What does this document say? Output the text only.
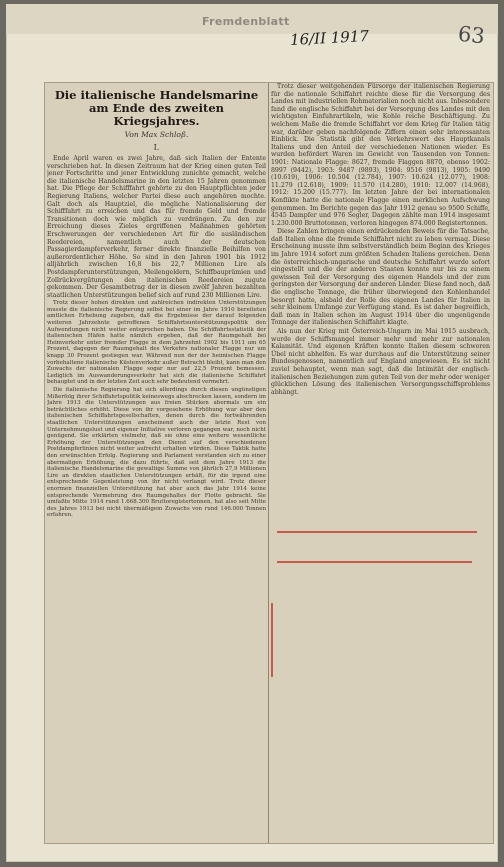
Fremdenblatt
16/II 1917	63
Die italienische Handelsmarine am Ende des zweiten Kriegsjahres.
Von Max Schloß.
I.

Ende April waren es zwei Jahre, daß sich Italien der Entente verschrieben hat. In diesen Zeitraum hat der Krieg einen guten Teil jener Fortschritte und jener Entwicklung zunichte gemacht, welche die italienische Handelsmarine in den letzten 15 Jahren genommen hat. Die Pflege der Schifffahrt gehörte zu den Hauptpflichten jeder Regierung Italiens, welcher Partei diese auch angehören mochte. Galt doch als Hauptziel, die mögliche Nationalisierung der Schifffahrt zu erreichen und das für fremde Geld und fremde Transitionen doch wie möglich zu verdrängen. Zu den zur Erreichung dieses Zieles ergriffenen Maßnahmen gehörten Erschwerungen der verschiedenen Art für die ausländischen Reedereien, namentlich auch der deutschen Passagierdampferverkehr, ferner direkte finanzielle Beihilfen von außerordentlicher Höhe. So sind in den Jahren 1901 bis 1912 alljährlich zwischen 16,8 bis 22,7 Millionen Lire als Postdampferunterstützungen, Meilengeldern, Schiffbauprämien und Zollrückvergütungen den italienischen Reedereien zugute gekommen. Der Gesamtbetrag der in diesen zwölf Jahren bezahlten staatlichen Unterstützungen belief sich auf rund 230 Millionen Lire.

Trotz dieser hohen direkten und zahlreichen indirekten Unterstützungen musste die italienische Regierung selbst bei einer im Jahre 1910 bereiteten amtlichen Erhebung zugeben, daß die Ergebnisse der darauf folgenden weiteren Jahrzehnte getroffenen Schiffahrtsunterstützungspolitik den Aufwendungen nicht weiter entsprochen haben. Die Schiffahrtsstatistik der italienischen Häfen hatte nämlich ergeben, daß der Raumgehalt bei Heimverkehr unter fremder Flagge in dem Jahrzehnt 1902 bis 1911 um 65 Prozent, dagegen der Raumgehalt des Verkehrs nationaler Flagge nur um knapp 30 Prozent gestiegen war. Während nun der der heimischen Flagge vorbehaltene italienische Küstenverkehr außer Betracht bleibt, kann man den Zuwachs der nationalen Flagge sogar nur auf 22,5 Prozent bemessen. Lediglich im Auswanderungsverkehr hat sich die italienische Schiffahrt behauptet und in der letzten Zeit auch sehr bedeutend vermehrt.

Die italienische Regierung hat sich allerdings durch diesen ungünstigen Mißerfolg ihrer Schiffahrtspolitik keineswegs abschrecken lassen, sondern im Jahre 1913 die Unterstützungen aus freien Stücken abermals um ein beträchtliches erhöht. Diese von ihr vorgesehene Erhöhung war aber den italienischen Schiffahrtsgesellschaften, denen durch die fortwährenden staatlichen Unterstützungen anscheinend auch der letzte Rest von Unternehmungslust und eigener Initiative verloren gegangen war, noch nicht genügend. Sie erklärten vielmehr, daß sie ohne eine weitere wesentliche Erhöhung der Unterstützungen den Dienst auf den verschiedenen Postdampferlinien nicht weiter aufrecht erhalten würden. Diese Taktik hatte den erwünschten Erfolg. Regierung und Parlament verstanden sich zu einer abermaligen Erhöhung, die dazu führte, daß seit dem Jahre 1913 die italienische Handelsmarine die gewaltige Summe von jährlich 27,9 Millionen Lire an direkten staatlichen Unterstützungen erhält, für die irgend eine entsprechende Gegenleistung von ihr nicht verlangt wird. Trotz dieser enormen finanziellen Unterstützung hat aber auch das Jahr 1914 keine entsprechende Vermehrung des Raumgehaltes der Flotte gebracht. Sie umfaßte Mitte 1914 rund 1.668.300 Bruttoregistertonnen, hat also seit Mitte des Jahres 1913 bei nicht übermäßigem Zuwachs von rund 146.000 Tonnen erfahren.

Trotz dieser weitgehenden Fürsorge der italienischen Regierung für die nationale Schiffahrt reichte diese für die Versorgung des Landes mit industriellen Rohmaterialien noch nicht aus. Inbesondere fand die englische Schiffahrt bei der Versorgung des Landes mit den wichtigsten Einfuhrartikeln, wie Kohle reiche Beschäftigung. Zu welchem Maße die fremde Schiffahrt vor dem Krieg für Italien tätig war, darüber geben nachfolgende Ziffern einen sehr interessanten Einblick. Die Statistik gibt den Verkehrswert des Hauptkanals Italiens und den Anteil der verschiedenen Nationen wieder. Es wurden befördert Waren im Gewicht von Tausenden von Tonnen: 1901: Nationale Flagge: 8627, fremde Flaggen 8870, ebenso 1902: 8997 (9442), 1903: 9487 (9893), 1904: 9516 (9813), 1905: 9490 (10.619), 1906: 10.504 (12.784), 1907: 10.624 (12.077), 1908: 11.279 (12.618), 1909: 11.570 (14.280), 1910: 12.007 (14.968), 1912: 15.200 (15.777). Im letzten Jahre der bei internationalen Konflikte hatte die nationale Flagge einen merklichen Aufschwung genommen. Im Berichte gegen das Jahr 1912 genau so 9500 Schiffe, 4545 Dampfer und 976 Segler, Dagegen zählte man 1914 insgesamt 1.230.000 Bruttotonnen, verloren hingegen 874.000 Registertonnen.

Diese Zahlen bringen einen erdrückenden Beweis für die Tatsache, daß Italien ohne die fremde Schiffahrt nicht zu leben vermag. Diese Erscheinung musste ihm selbstverständlich beim Beginn des Krieges im Jahre 1914 sofort zum größten Schaden Italiens gereichen. Denn die österreichisch-ungarische und deutsche Schiffahrt wurde sofort eingestellt und die der anderen Staaten konnte nur bis zu einem gewissen Teil der Versorgung des eigenen Handels und der zum geringsten der Versorgung der anderen Länder. Diese fand noch, daß die englische Tonnage, die früher überwiegend den Kohlenhandel besorgt hatte, alsbald der Rolle des eigenen Landes für Italien in sehr kleinem Umfange zur Verfügung stand. Es ist daher begreiflich, daß man in Italien schon im August 1914 über die ungenügende Tonnage der italienischen Schiffahrt klagte.

Als nun der Krieg mit Österreich-Ungarn im Mai 1915 ausbrach, wurde der Schiffsmangel immer mehr und mehr zur nationalen Kalamität. Und eigenen Kräften konnte Italien diesem schweren Übel nicht abhelfen. Es war durchaus auf die Unterstützung seiner Bundesgenossen, namentlich auf England angewiesen. Es ist nicht zuviel behauptet, wenn man sagt, daß die Intimität der englisch-italienischen Beziehungen zum guten Teil von der mehr oder weniger glücklichen Lösung des italienischen Versorgungsschiffsproblems abhängt.
